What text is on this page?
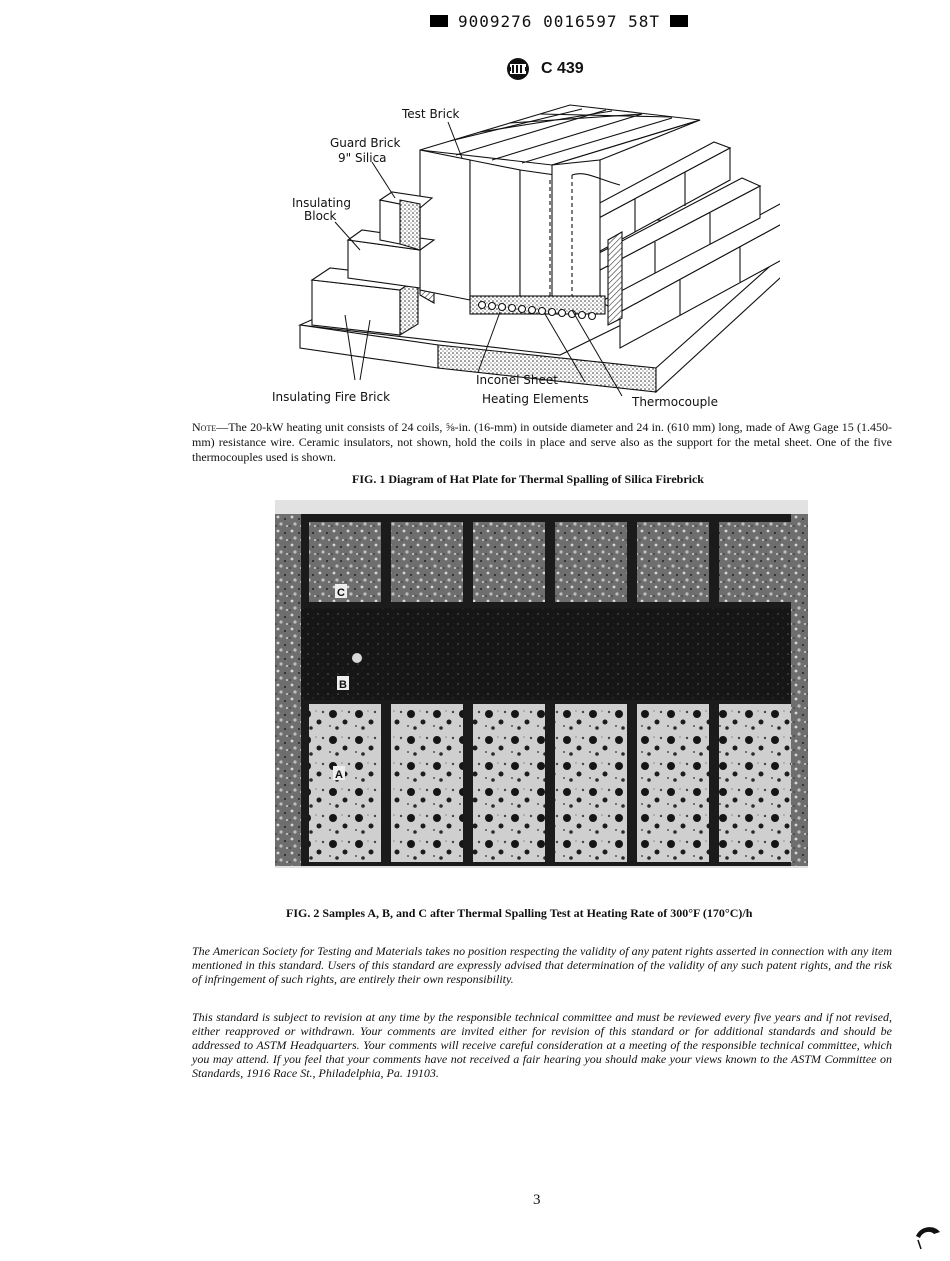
9009276 0016597 58T
C 439
Test Brick
Guard Brick
9" Silica
Insulating
Block
Insulating Fire Brick
Inconel Sheet
Heating Elements	Thermocouple
Note—The 20-kW heating unit consists of 24 coils, ⅝-in. (16-mm) in outside diameter and 24 in. (610 mm) long, made of Awg Gage 15 (1.450-mm) resistance wire. Ceramic insulators, not shown, hold the coils in place and serve also as the support for the metal sheet. One of the five thermocouples used is shown.
FIG. 1 Diagram of Hat Plate for Thermal Spalling of Silica Firebrick
C
B
A
FIG. 2 Samples A, B, and C after Thermal Spalling Test at Heating Rate of 300°F (170°C)/h
The American Society for Testing and Materials takes no position respecting the validity of any patent rights asserted in connection with any item mentioned in this standard. Users of this standard are expressly advised that determination of the validity of any such patent rights, and the risk of infringement of such rights, are entirely their own responsibility.
This standard is subject to revision at any time by the responsible technical committee and must be reviewed every five years and if not revised, either reapproved or withdrawn. Your comments are invited either for revision of this standard or for additional standards and should be addressed to ASTM Headquarters. Your comments will receive careful consideration at a meeting of the responsible technical committee, which you may attend. If you feel that your comments have not received a fair hearing you should make your views known to the ASTM Committee on Standards, 1916 Race St., Philadelphia, Pa. 19103.
3
